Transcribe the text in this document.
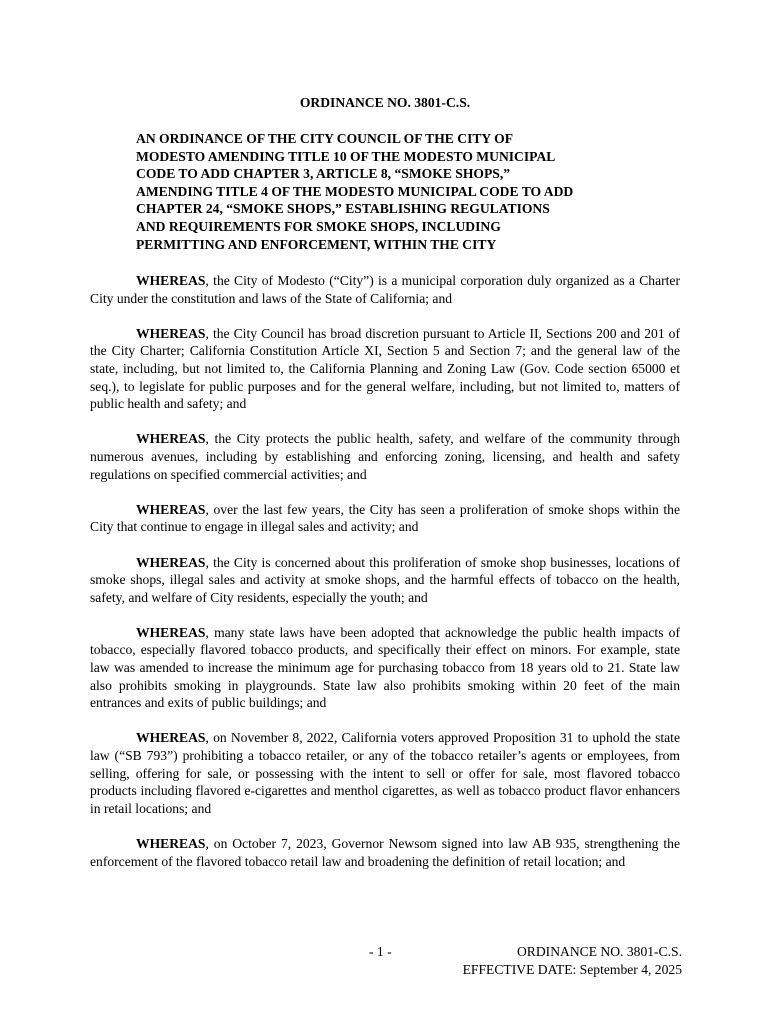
ORDINANCE NO. 3801-C.S.

AN ORDINANCE OF THE CITY COUNCIL OF THE CITY OF
MODESTO AMENDING TITLE 10 OF THE MODESTO MUNICIPAL
CODE TO ADD CHAPTER 3, ARTICLE 8, “SMOKE SHOPS,”
AMENDING TITLE 4 OF THE MODESTO MUNICIPAL CODE TO ADD
CHAPTER 24, “SMOKE SHOPS,” ESTABLISHING REGULATIONS
AND REQUIREMENTS FOR SMOKE SHOPS, INCLUDING
PERMITTING AND ENFORCEMENT, WITHIN THE CITY

WHEREAS, the City of Modesto (“City”) is a municipal corporation duly organized as a Charter City under the constitution and laws of the State of California; and

WHEREAS, the City Council has broad discretion pursuant to Article II, Sections 200 and 201 of the City Charter; California Constitution Article XI, Section 5 and Section 7; and the general law of the state, including, but not limited to, the California Planning and Zoning Law (Gov. Code section 65000 et seq.), to legislate for public purposes and for the general welfare, including, but not limited to, matters of public health and safety; and

WHEREAS, the City protects the public health, safety, and welfare of the community through numerous avenues, including by establishing and enforcing zoning, licensing, and health and safety regulations on specified commercial activities; and

WHEREAS, over the last few years, the City has seen a proliferation of smoke shops within the City that continue to engage in illegal sales and activity; and

WHEREAS, the City is concerned about this proliferation of smoke shop businesses, locations of smoke shops, illegal sales and activity at smoke shops, and the harmful effects of tobacco on the health, safety, and welfare of City residents, especially the youth; and

WHEREAS, many state laws have been adopted that acknowledge the public health impacts of tobacco, especially flavored tobacco products, and specifically their effect on minors. For example, state law was amended to increase the minimum age for purchasing tobacco from 18 years old to 21. State law also prohibits smoking in playgrounds. State law also prohibits smoking within 20 feet of the main entrances and exits of public buildings; and

WHEREAS, on November 8, 2022, California voters approved Proposition 31 to uphold the state law (“SB 793”) prohibiting a tobacco retailer, or any of the tobacco retailer’s agents or employees, from selling, offering for sale, or possessing with the intent to sell or offer for sale, most flavored tobacco products including flavored e-cigarettes and menthol cigarettes, as well as tobacco product flavor enhancers in retail locations; and

WHEREAS, on October 7, 2023, Governor Newsom signed into law AB 935, strengthening the enforcement of the flavored tobacco retail law and broadening the definition of retail location; and

- 1 -	ORDINANCE NO. 3801-C.S.
EFFECTIVE DATE: September 4, 2025
